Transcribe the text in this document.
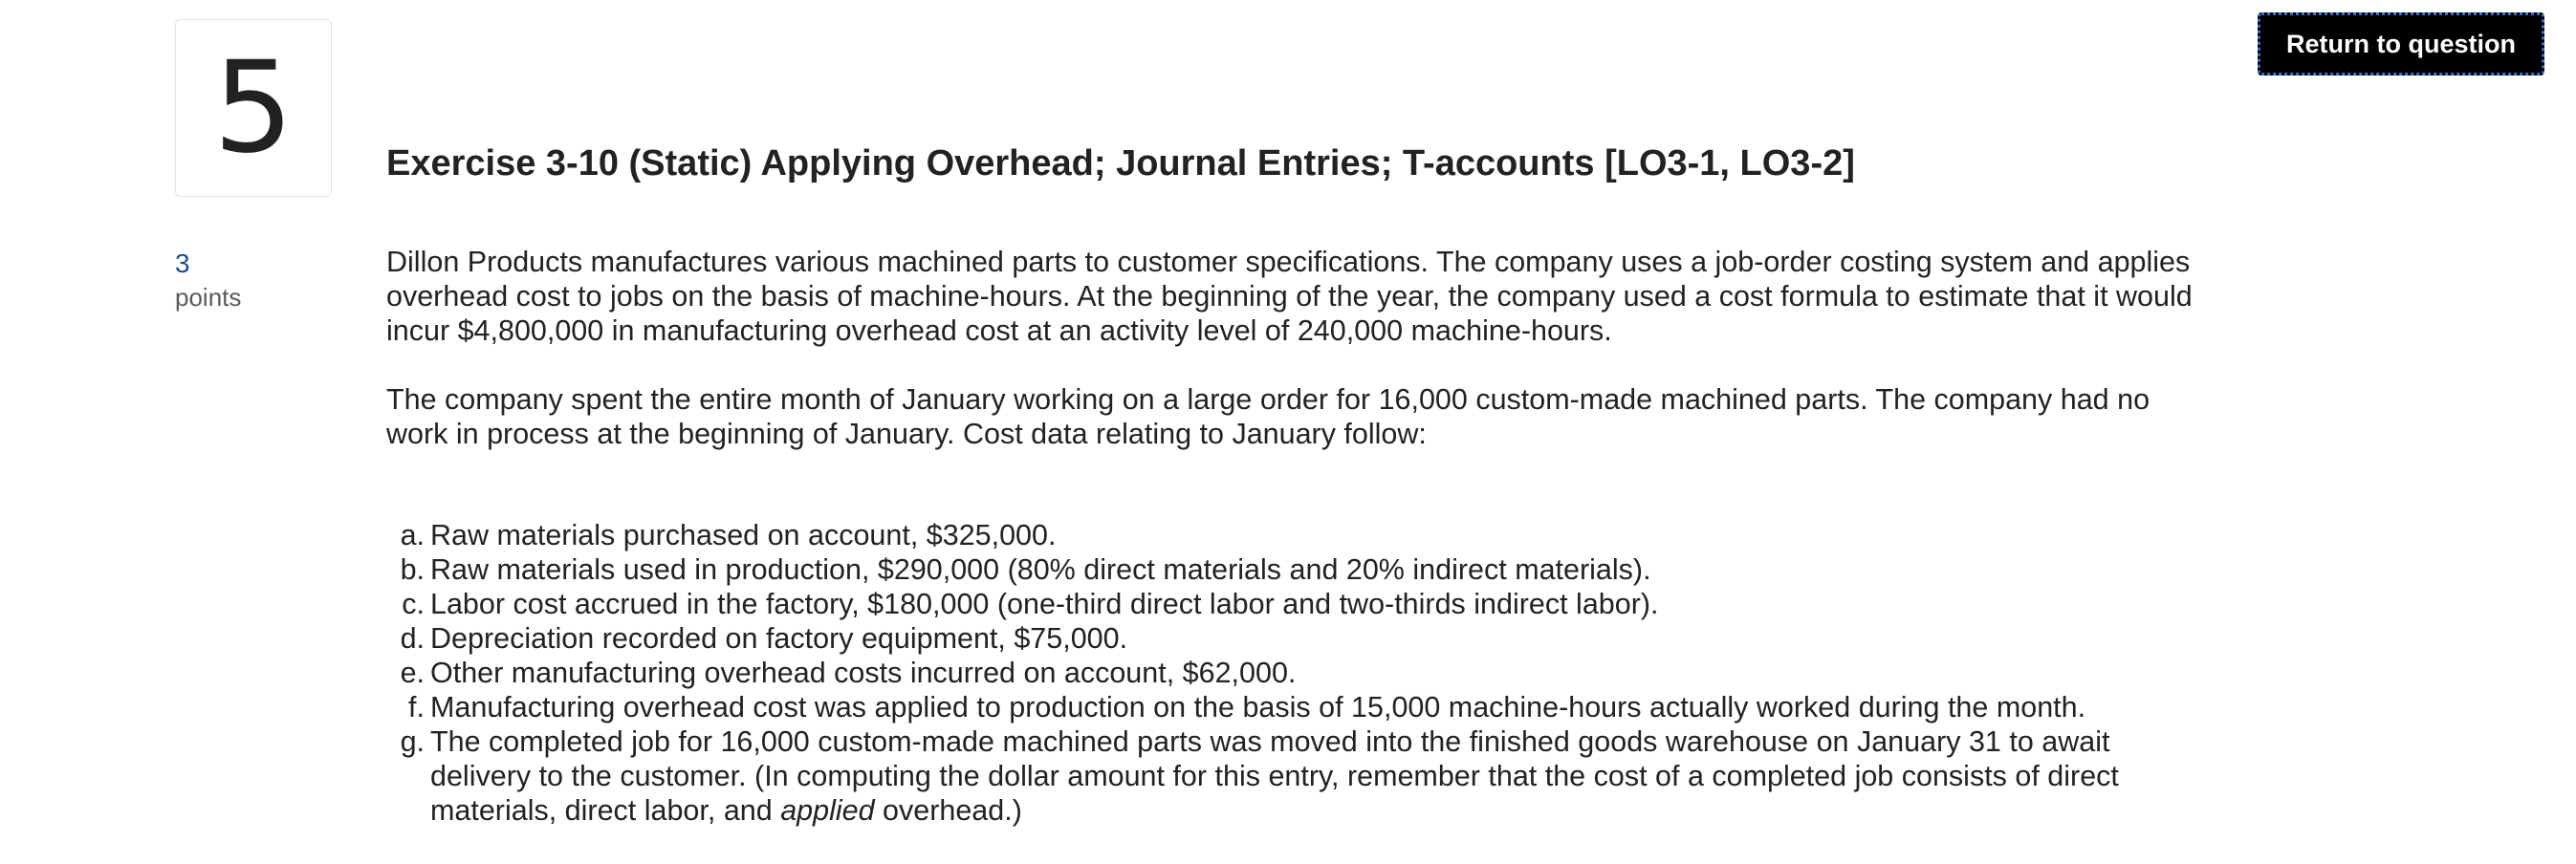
5	Return to question
Exercise 3-10 (Static) Applying Overhead; Journal Entries; T-accounts [LO3-1, LO3-2]
3
points

Dillon Products manufactures various machined parts to customer specifications. The company uses a job-order costing system and applies overhead cost to jobs on the basis of machine-hours. At the beginning of the year, the company used a cost formula to estimate that it would incur $4,800,000 in manufacturing overhead cost at an activity level of 240,000 machine-hours.

The company spent the entire month of January working on a large order for 16,000 custom-made machined parts. The company had no work in process at the beginning of January. Cost data relating to January follow:

a. Raw materials purchased on account, $325,000.
b. Raw materials used in production, $290,000 (80% direct materials and 20% indirect materials).
c. Labor cost accrued in the factory, $180,000 (one-third direct labor and two-thirds indirect labor).
d. Depreciation recorded on factory equipment, $75,000.
e. Other manufacturing overhead costs incurred on account, $62,000.
f. Manufacturing overhead cost was applied to production on the basis of 15,000 machine-hours actually worked during the month.
g. The completed job for 16,000 custom-made machined parts was moved into the finished goods warehouse on January 31 to await delivery to the customer. (In computing the dollar amount for this entry, remember that the cost of a completed job consists of direct materials, direct labor, and applied overhead.)
